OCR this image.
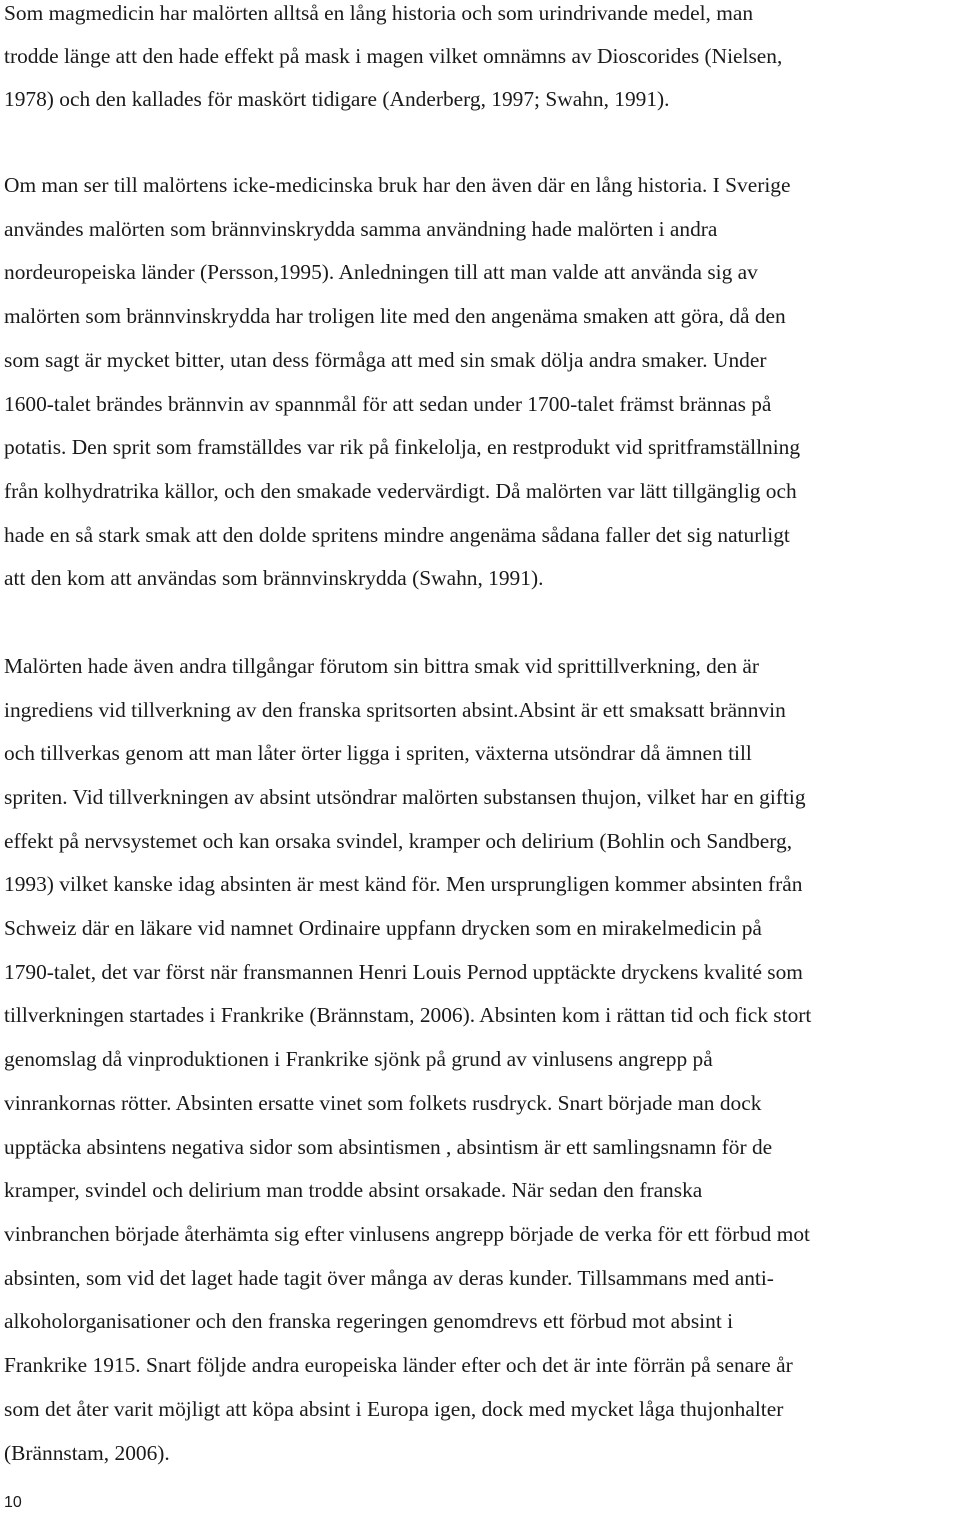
Som magmedicin har malörten alltså en lång historia och som urindrivande medel, man
trodde länge att den hade effekt på mask i magen vilket omnämns av Dioscorides (Nielsen,
1978) och den kallades för maskört tidigare (Anderberg, 1997; Swahn, 1991).
Om man ser till malörtens icke-medicinska bruk har den även där en lång historia. I Sverige
användes malörten som brännvinskrydda samma användning hade malörten i andra
nordeuropeiska länder (Persson,1995). Anledningen till att man valde att använda sig av
malörten som brännvinskrydda har troligen lite med den angenäma smaken att göra, då den
som sagt är mycket bitter, utan dess förmåga att med sin smak dölja andra smaker. Under
1600-talet brändes brännvin av spannmål för att sedan under 1700-talet främst brännas på
potatis. Den sprit som framställdes var rik på finkelolja, en restprodukt vid spritframställning
från kolhydratrika källor, och den smakade vedervärdigt. Då malörten var lätt tillgänglig och
hade en så stark smak att den dolde spritens mindre angenäma sådana faller det sig naturligt
att den kom att användas som brännvinskrydda (Swahn, 1991).
Malörten hade även andra tillgångar förutom sin bittra smak vid sprittillverkning, den är
ingrediens vid tillverkning av den franska spritsorten absint.Absint är ett smaksatt brännvin
och tillverkas genom att man låter örter ligga i spriten, växterna utsöndrar då ämnen till
spriten. Vid tillverkningen av absint utsöndrar malörten substansen thujon, vilket har en giftig
effekt på nervsystemet och kan orsaka svindel, kramper och delirium (Bohlin och Sandberg,
1993) vilket kanske idag absinten är mest känd för. Men ursprungligen kommer absinten från
Schweiz där en läkare vid namnet Ordinaire uppfann drycken som en mirakelmedicin på
1790-talet, det var först när fransmannen Henri Louis Pernod upptäckte dryckens kvalité som
tillverkningen startades i Frankrike (Brännstam, 2006). Absinten kom i rättan tid och fick stort
genomslag då vinproduktionen i Frankrike sjönk på grund av vinlusens angrepp på
vinrankornas rötter. Absinten ersatte vinet som folkets rusdryck. Snart började man dock
upptäcka absintens negativa sidor som absintismen , absintism är ett samlingsnamn för de
kramper, svindel och delirium man trodde absint orsakade. När sedan den franska
vinbranchen började återhämta sig efter vinlusens angrepp började de verka för ett förbud mot
absinten, som vid det laget hade tagit över många av deras kunder. Tillsammans med anti-
alkoholorganisationer och den franska regeringen genomdrevs ett förbud mot absint i
Frankrike 1915. Snart följde andra europeiska länder efter och det är inte förrän på senare år
som det åter varit möjligt att köpa absint i Europa igen, dock med mycket låga thujonhalter
(Brännstam, 2006).
10
